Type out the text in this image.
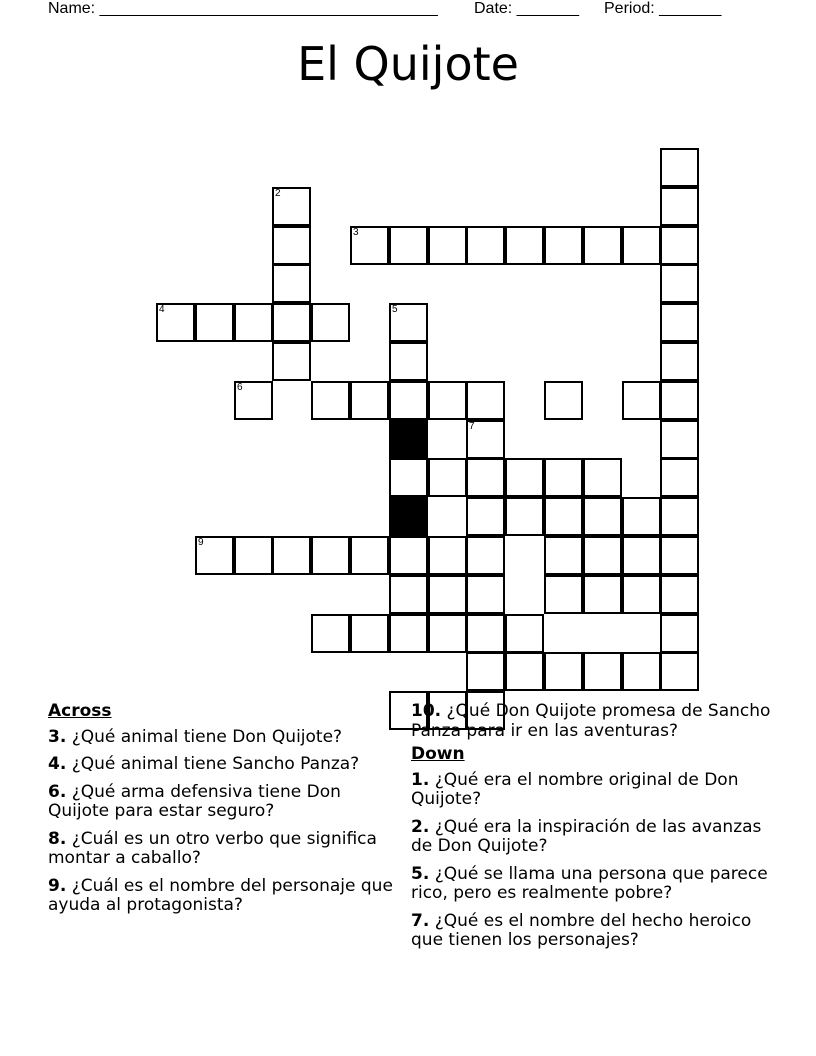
Name: ______________________________________ Date: _______ Period: _______
El Quijote
2
3
4	5
6
7
9
Across
3. ¿Qué animal tiene Don Quijote?
4. ¿Qué animal tiene Sancho Panza?
6. ¿Qué arma defensiva tiene Don Quijote para estar seguro?
8. ¿Cuál es un otro verbo que significa montar a caballo?
9. ¿Cuál es el nombre del personaje que ayuda al protagonista?
10. ¿Qué Don Quijote promesa de Sancho Panza para ir en las aventuras?
Down
1. ¿Qué era el nombre original de Don Quijote?
2. ¿Qué era la inspiración de las avanzas de Don Quijote?
5. ¿Qué se llama una persona que parece rico, pero es realmente pobre?
7. ¿Qué es el nombre del hecho heroico que tienen los personajes?
